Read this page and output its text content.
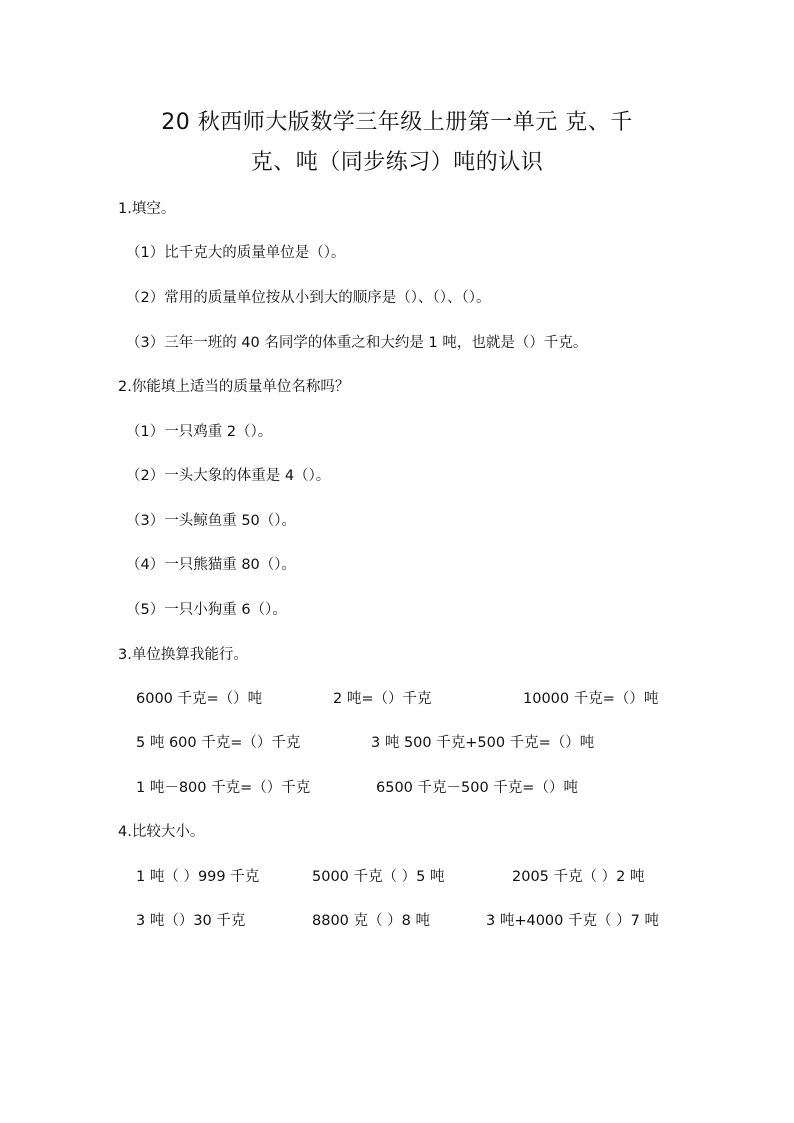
20 秋西师大版数学三年级上册第一单元 克、千
克、吨（同步练习）吨的认识
1.填空。
（1）比千克大的质量单位是（）。
（2）常用的质量单位按从小到大的顺序是（）、（）、（）。
（3）三年一班的 40 名同学的体重之和大约是 1 吨，也就是（）千克。
2.你能填上适当的质量单位名称吗？
（1）一只鸡重 2（）。
（2）一头大象的体重是 4（）。
（3）一头鲸鱼重 50（）。
（4）一只熊猫重 80（）。
（5）一只小狗重 6（）。
3.单位换算我能行。
6000 千克=（）吨	2 吨=（）千克	10000 千克=（）吨
5 吨 600 千克=（）千克	3 吨 500 千克+500 千克=（）吨
1 吨－800 千克=（）千克	6500 千克－500 千克=（）吨
4.比较大小。
1 吨（ ）999 千克	5000 千克（ ）5 吨	2005 千克（ ）2 吨
3 吨（）30 千克	8800 克（ ）8 吨	3 吨+4000 千克（ ）7 吨
